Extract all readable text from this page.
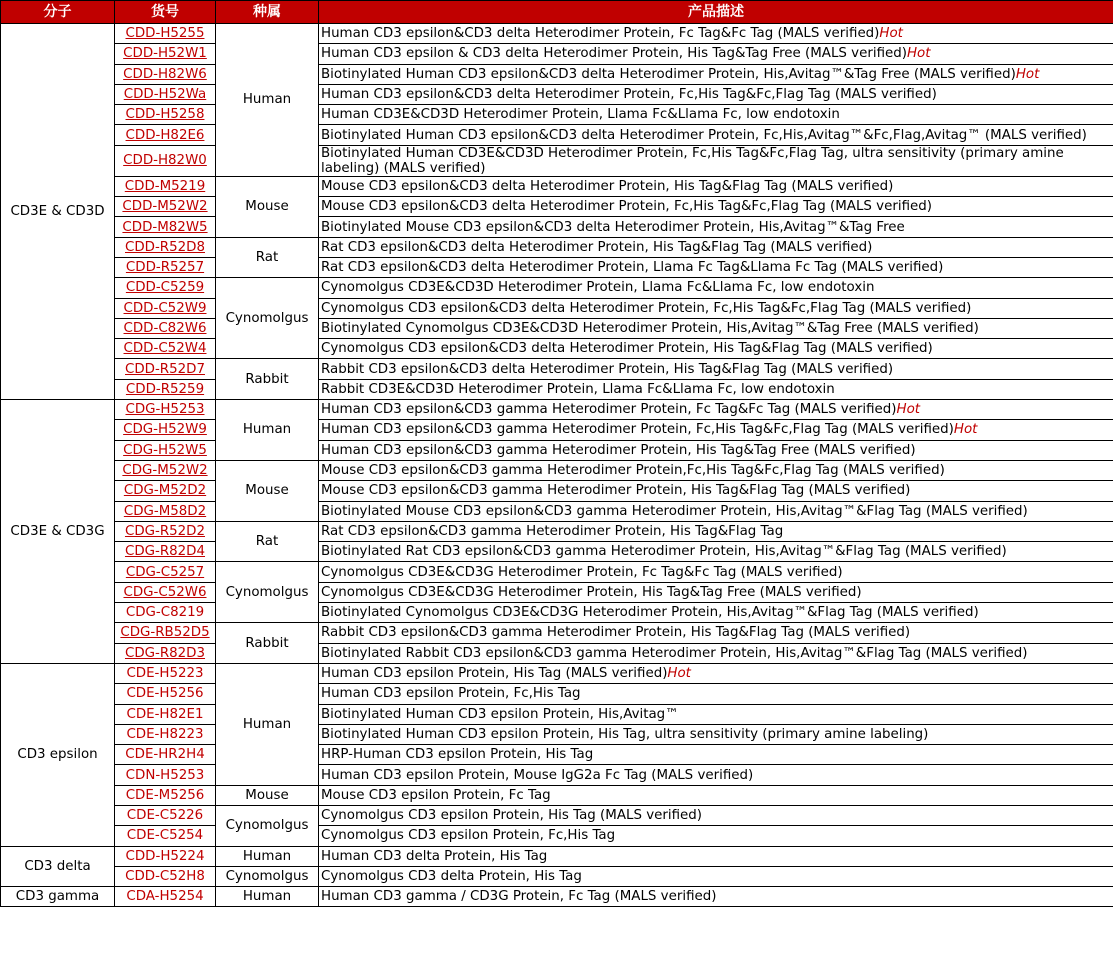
分子	货号	种属	产品描述
CD3E & CD3D	CDD-H5255	Human	Human CD3 epsilon&CD3 delta Heterodimer Protein, Fc Tag&Fc Tag (MALS verified)Hot
	CDD-H52W1		Human CD3 epsilon & CD3 delta Heterodimer Protein, His Tag&Tag Free (MALS verified)Hot
	CDD-H82W6		Biotinylated Human CD3 epsilon&CD3 delta Heterodimer Protein, His,Avitag™&Tag Free (MALS verified)Hot
	CDD-H52Wa		Human CD3 epsilon&CD3 delta Heterodimer Protein, Fc,His Tag&Fc,Flag Tag (MALS verified)
	CDD-H5258		Human CD3E&CD3D Heterodimer Protein, Llama Fc&Llama Fc, low endotoxin
	CDD-H82E6		Biotinylated Human CD3 epsilon&CD3 delta Heterodimer Protein, Fc,His,Avitag™&Fc,Flag,Avitag™ (MALS verified)
	CDD-H82W0		Biotinylated Human CD3E&CD3D Heterodimer Protein, Fc,His Tag&Fc,Flag Tag, ultra sensitivity (primary amine labeling) (MALS verified)
	CDD-M5219	Mouse	Mouse CD3 epsilon&CD3 delta Heterodimer Protein, His Tag&Flag Tag (MALS verified)
	CDD-M52W2		Mouse CD3 epsilon&CD3 delta Heterodimer Protein, Fc,His Tag&Fc,Flag Tag (MALS verified)
	CDD-M82W5		Biotinylated Mouse CD3 epsilon&CD3 delta Heterodimer Protein, His,Avitag™&Tag Free
	CDD-R52D8	Rat	Rat CD3 epsilon&CD3 delta Heterodimer Protein, His Tag&Flag Tag (MALS verified)
	CDD-R5257		Rat CD3 epsilon&CD3 delta Heterodimer Protein, Llama Fc Tag&Llama Fc Tag (MALS verified)
	CDD-C5259	Cynomolgus	Cynomolgus CD3E&CD3D Heterodimer Protein, Llama Fc&Llama Fc, low endotoxin
	CDD-C52W9		Cynomolgus CD3 epsilon&CD3 delta Heterodimer Protein, Fc,His Tag&Fc,Flag Tag (MALS verified)
	CDD-C82W6		Biotinylated Cynomolgus CD3E&CD3D Heterodimer Protein, His,Avitag™&Tag Free (MALS verified)
	CDD-C52W4		Cynomolgus CD3 epsilon&CD3 delta Heterodimer Protein, His Tag&Flag Tag (MALS verified)
	CDD-R52D7	Rabbit	Rabbit CD3 epsilon&CD3 delta Heterodimer Protein, His Tag&Flag Tag (MALS verified)
	CDD-R5259		Rabbit CD3E&CD3D Heterodimer Protein, Llama Fc&Llama Fc, low endotoxin
CD3E & CD3G	CDG-H5253	Human	Human CD3 epsilon&CD3 gamma Heterodimer Protein, Fc Tag&Fc Tag (MALS verified)Hot
	CDG-H52W9		Human CD3 epsilon&CD3 gamma Heterodimer Protein, Fc,His Tag&Fc,Flag Tag (MALS verified)Hot
	CDG-H52W5		Human CD3 epsilon&CD3 gamma Heterodimer Protein, His Tag&Tag Free (MALS verified)
	CDG-M52W2	Mouse	Mouse CD3 epsilon&CD3 gamma Heterodimer Protein,Fc,His Tag&Fc,Flag Tag (MALS verified)
	CDG-M52D2		Mouse CD3 epsilon&CD3 gamma Heterodimer Protein, His Tag&Flag Tag (MALS verified)
	CDG-M58D2		Biotinylated Mouse CD3 epsilon&CD3 gamma Heterodimer Protein, His,Avitag™&Flag Tag (MALS verified)
	CDG-R52D2	Rat	Rat CD3 epsilon&CD3 gamma Heterodimer Protein, His Tag&Flag Tag
	CDG-R82D4		Biotinylated Rat CD3 epsilon&CD3 gamma Heterodimer Protein, His,Avitag™&Flag Tag (MALS verified)
	CDG-C5257	Cynomolgus	Cynomolgus CD3E&CD3G Heterodimer Protein, Fc Tag&Fc Tag (MALS verified)
	CDG-C52W6		Cynomolgus CD3E&CD3G Heterodimer Protein, His Tag&Tag Free (MALS verified)
	CDG-C8219		Biotinylated Cynomolgus CD3E&CD3G Heterodimer Protein, His,Avitag™&Flag Tag (MALS verified)
	CDG-RB52D5	Rabbit	Rabbit CD3 epsilon&CD3 gamma Heterodimer Protein, His Tag&Flag Tag (MALS verified)
	CDG-R82D3		Biotinylated Rabbit CD3 epsilon&CD3 gamma Heterodimer Protein, His,Avitag™&Flag Tag (MALS verified)
CD3 epsilon	CDE-H5223	Human	Human CD3 epsilon Protein, His Tag (MALS verified)Hot
	CDE-H5256		Human CD3 epsilon Protein, Fc,His Tag
	CDE-H82E1		Biotinylated Human CD3 epsilon Protein, His,Avitag™
	CDE-H8223		Biotinylated Human CD3 epsilon Protein, His Tag, ultra sensitivity (primary amine labeling)
	CDE-HR2H4		HRP-Human CD3 epsilon Protein, His Tag
	CDN-H5253		Human CD3 epsilon Protein, Mouse IgG2a Fc Tag (MALS verified)
	CDE-M5256	Mouse	Mouse CD3 epsilon Protein, Fc Tag
	CDE-C5226	Cynomolgus	Cynomolgus CD3 epsilon Protein, His Tag (MALS verified)
	CDE-C5254		Cynomolgus CD3 epsilon Protein, Fc,His Tag
CD3 delta	CDD-H5224	Human	Human CD3 delta Protein, His Tag
	CDD-C52H8	Cynomolgus	Cynomolgus CD3 delta Protein, His Tag
CD3 gamma	CDA-H5254	Human	Human CD3 gamma / CD3G Protein, Fc Tag (MALS verified)
